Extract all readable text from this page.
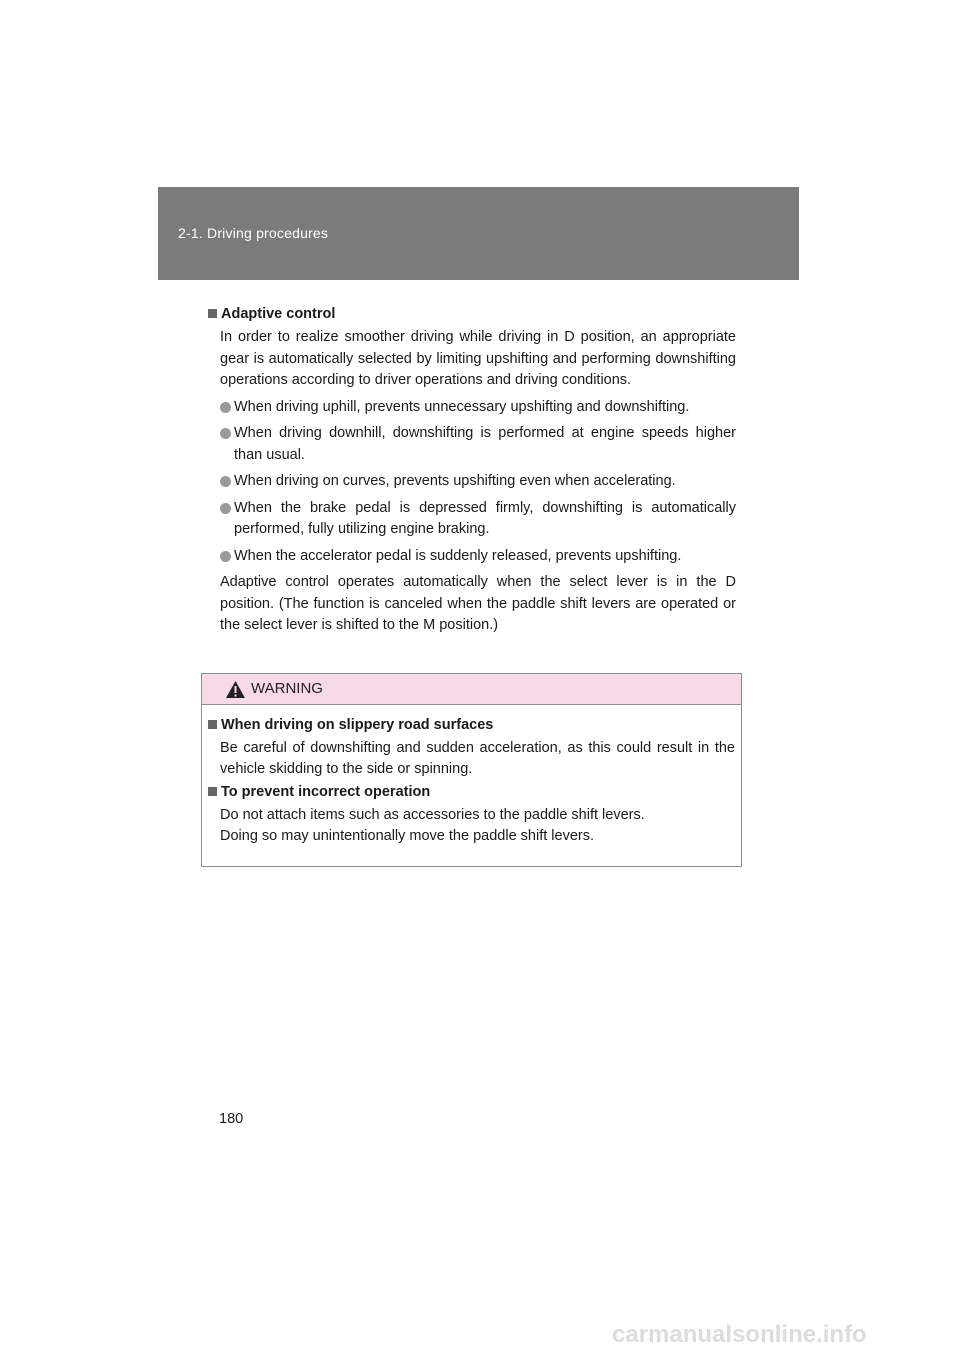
2-1. Driving procedures
Adaptive control

In order to realize smoother driving while driving in D position, an appropriate gear is automatically selected by limiting upshifting and performing downshifting operations according to driver operations and driving conditions.

When driving uphill, prevents unnecessary upshifting and downshifting.
When driving downhill, downshifting is performed at engine speeds higher than usual.
When driving on curves, prevents upshifting even when accelerating.
When the brake pedal is depressed firmly, downshifting is automatically performed, fully utilizing engine braking.
When the accelerator pedal is suddenly released, prevents upshifting.

Adaptive control operates automatically when the select lever is in the D position. (The function is canceled when the paddle shift levers are operated or the select lever is shifted to the M position.)

WARNING
When driving on slippery road surfaces

Be careful of downshifting and sudden acceleration, as this could result in the vehicle skidding to the side or spinning.

To prevent incorrect operation

Do not attach items such as accessories to the paddle shift levers.
Doing so may unintentionally move the paddle shift levers.

180
carmanualsonline.info
